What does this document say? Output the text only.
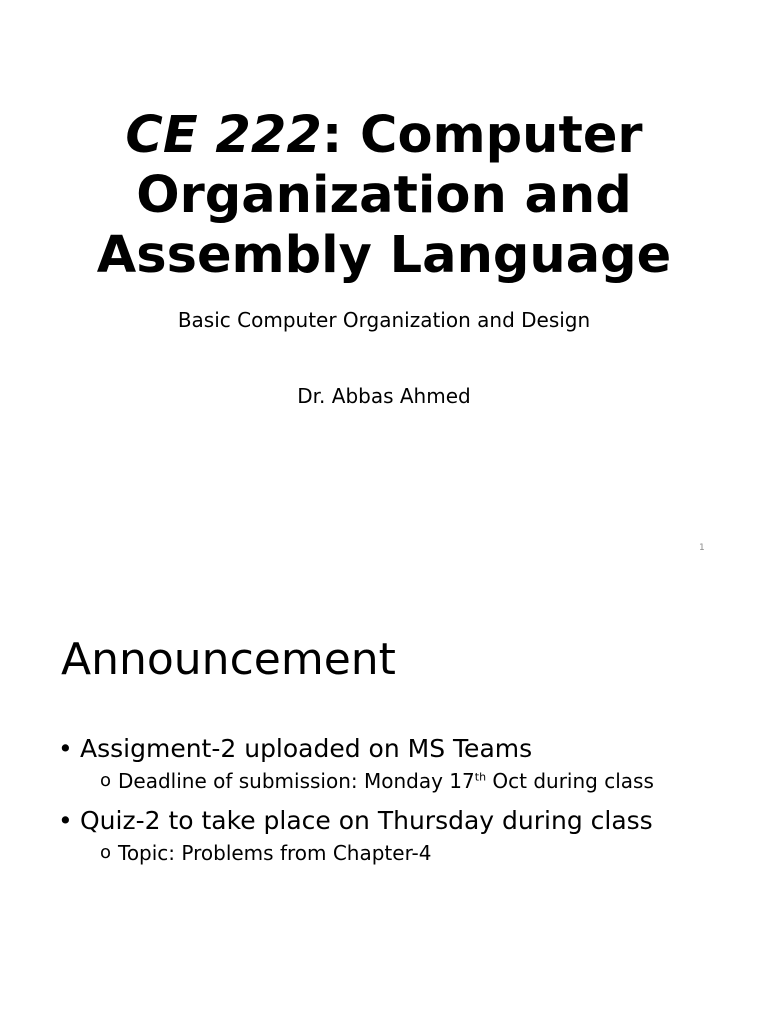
CE 222: Computer
Organization and
Assembly Language
Basic Computer Organization and Design
Dr. Abbas Ahmed
1
Announcement
• Assigment-2 uploaded on MS Teams
o Deadline of submission: Monday 17th Oct during class
• Quiz-2 to take place on Thursday during class
o Topic: Problems from Chapter-4
